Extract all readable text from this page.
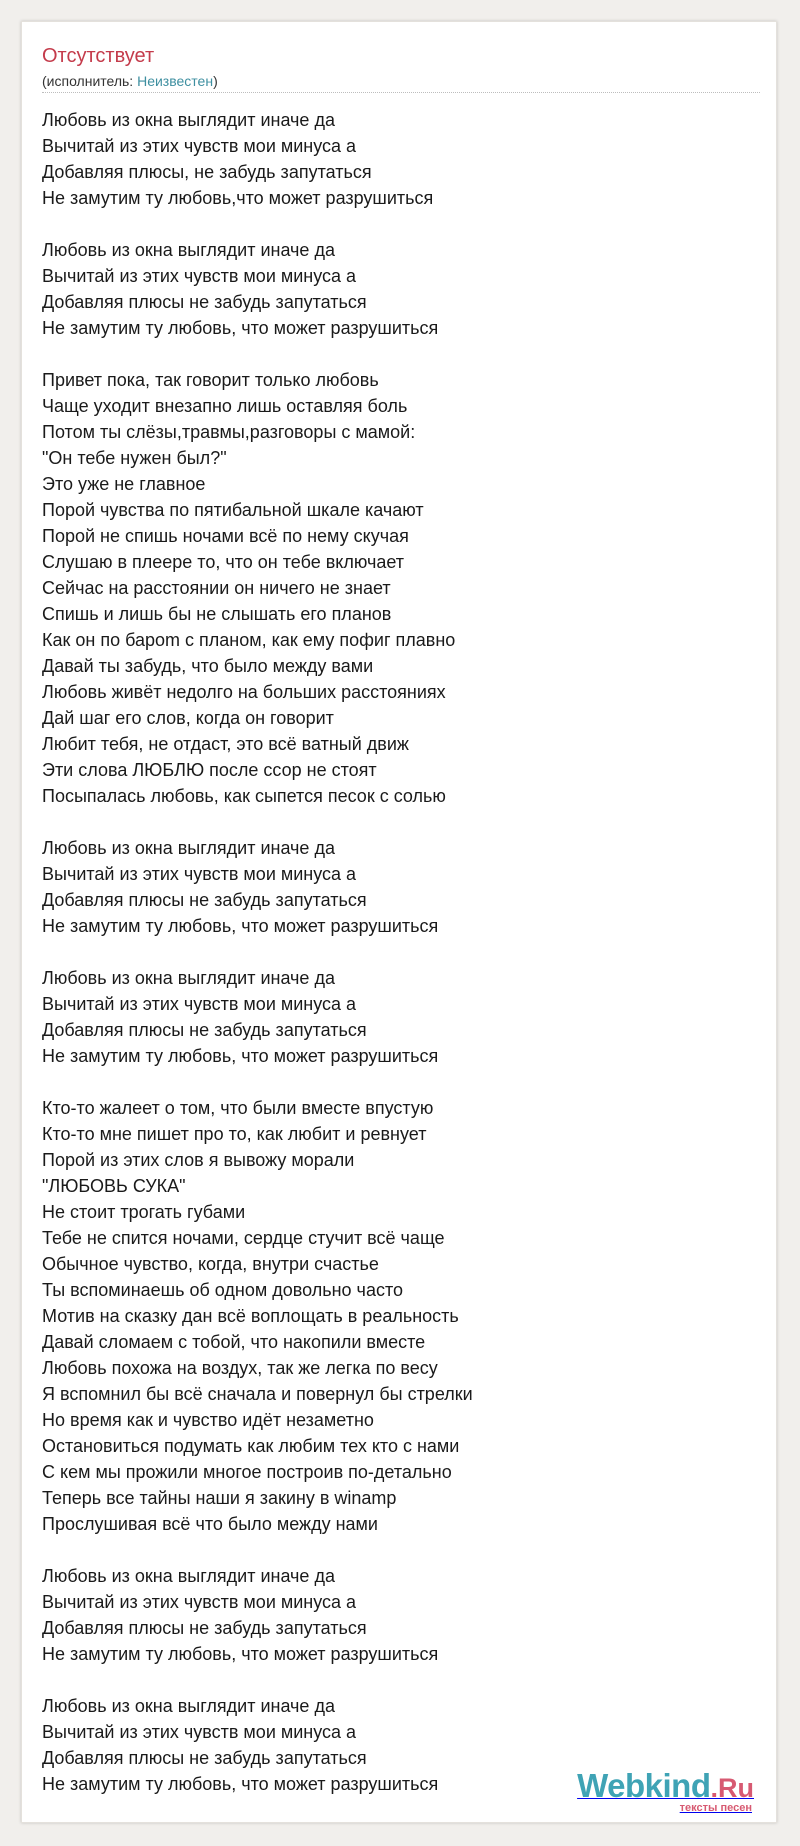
Отсутствует
(исполнитель: Неизвестен)
Любовь из окна выглядит иначе да
Вычитай из этих чувств мои минуса а
Добавляя плюсы, не забудь запутаться
Не замутим ту любовь,что может разрушиться
Любовь из окна выглядит иначе да
Вычитай из этих чувств мои минуса а
Добавляя плюсы не забудь запутаться
Не замутим ту любовь, что может разрушиться
Привет пока, так говорит только любовь
Чаще уходит внезапно лишь оставляя боль
Потом ты слёзы,травмы,разговоры с мамой:
"Он тебе нужен был?"
Это уже не главное
Порой чувства по пятибальной шкале качают
Порой не спишь ночами всё по нему скучая
Слушаю в плеере то, что он тебе включает
Сейчас на расстоянии он ничего не знает
Спишь и лишь бы не слышать его планов
Как он по бароm с планом, как ему пофиг плавно
Давай ты забудь, что было между вами
Любовь живёт недолго на больших расстояниях
Дай шаг его слов, когда он говорит
Любит тебя, не отдаст, это всё ватный движ
Эти слова ЛЮБЛЮ после ссор не стоят
Посыпалась любовь, как сыпется песок с солью
Любовь из окна выглядит иначе да
Вычитай из этих чувств мои минуса а
Добавляя плюсы не забудь запутаться
Не замутим ту любовь, что может разрушиться
Любовь из окна выглядит иначе да
Вычитай из этих чувств мои минуса а
Добавляя плюсы не забудь запутаться
Не замутим ту любовь, что может разрушиться
Кто-то жалеет о том, что были вместе впустую
Кто-то мне пишет про то, как любит и ревнует
Порой из этих слов я вывожу морали
"ЛЮБОВЬ СУКА"
Не стоит трогать губами
Тебе не спится ночами, сердце стучит всё чаще
Обычное чувство, когда, внутри счастье
Ты вспоминаешь об одном довольно часто
Мотив на сказку дан всё воплощать в реальность
Давай сломаем с тобой, что накопили вместе
Любовь похожа на воздух, так же легка по весу
Я вспомнил бы всё сначала и повернул бы стрелки
Но время как и чувство идёт незаметно
Остановиться подумать как любим тех кто с нами
С кем мы прожили многое построив по-детально
Теперь все тайны наши я закину в winamp
Прослушивая всё что было между нами
Любовь из окна выглядит иначе да
Вычитай из этих чувств мои минуса а
Добавляя плюсы не забудь запутаться
Не замутим ту любовь, что может разрушиться
Любовь из окна выглядит иначе да
Вычитай из этих чувств мои минуса а
Добавляя плюсы не забудь запутаться
Не замутим ту любовь, что может разрушиться	Webkind.Ru
тексты песен
